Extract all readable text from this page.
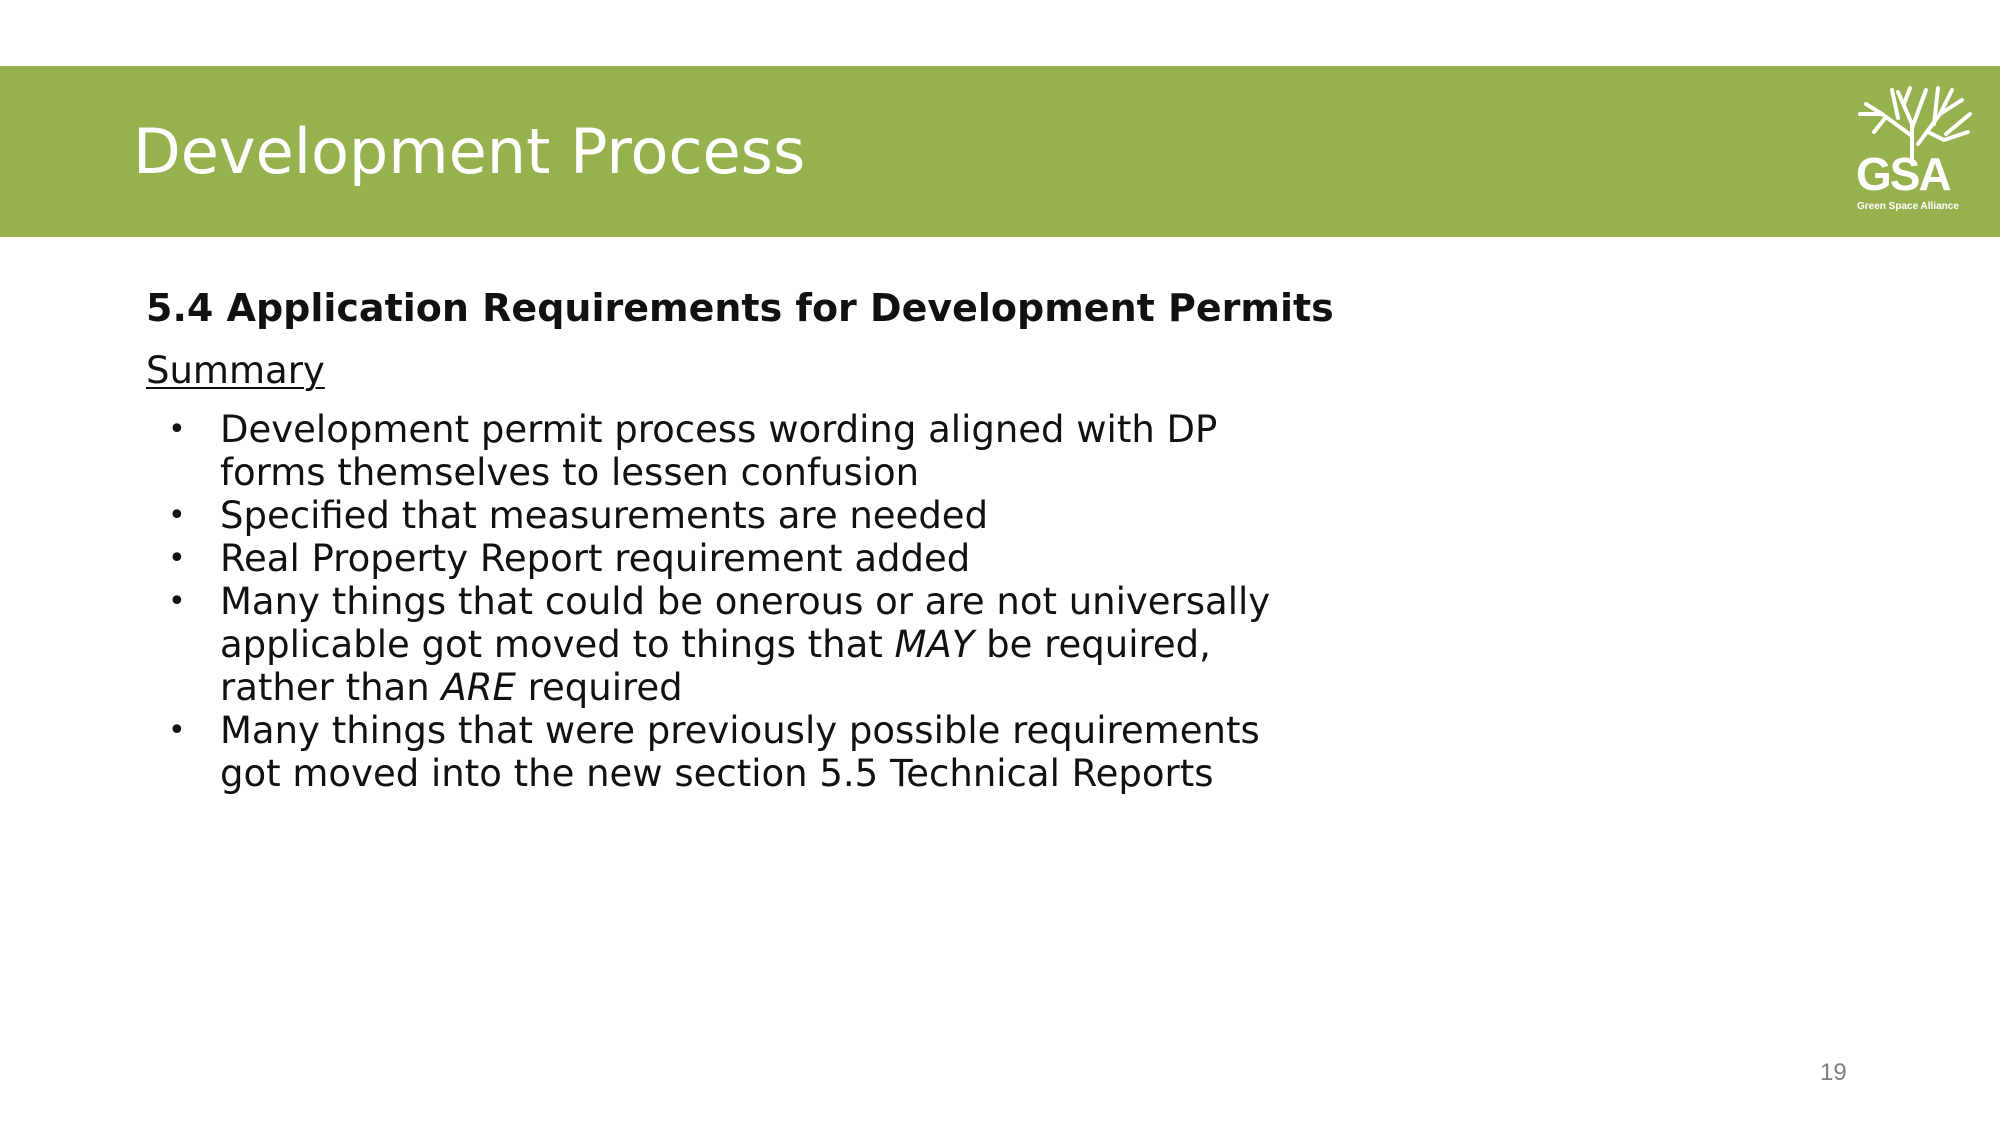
Development Process	GSA
Green Space Alliance
5.4 Application Requirements for Development Permits
Summary
• Development permit process wording aligned with DP
forms themselves to lessen confusion
• Specified that measurements are needed
• Real Property Report requirement added
• Many things that could be onerous or are not universally
applicable got moved to things that MAY be required,
rather than ARE required
• Many things that were previously possible requirements
got moved into the new section 5.5 Technical Reports
19
